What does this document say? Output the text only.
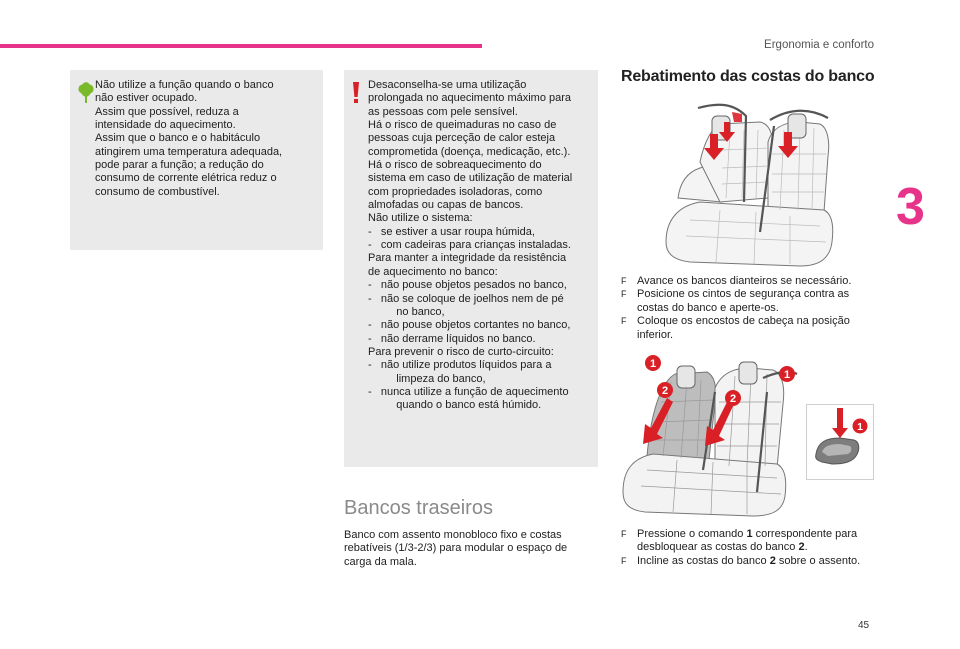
Ergonomia e conforto
3
Não utilize a função quando o banco
não estiver ocupado.
Assim que possível, reduza a
intensidade do aquecimento.
Assim que o banco e o habitáculo
atingirem uma temperatura adequada,
pode parar a função; a redução do
consumo de corrente elétrica reduz o
consumo de combustível.
Desaconselha-se uma utilização
prolongada no aquecimento máximo para
as pessoas com pele sensível.
Há o risco de queimaduras no caso de
pessoas cuja perceção de calor esteja
comprometida (doença, medicação, etc.).
Há o risco de sobreaquecimento do
sistema em caso de utilização de material
com propriedades isoladoras, como
almofadas ou capas de bancos.
Não utilize o sistema:

-   se estiver a usar roupa húmida,
-   com cadeiras para crianças instaladas.
Para manter a integridade da resistência
de aquecimento no banco:

-   não pouse objetos pesados no banco,
-   não se coloque de joelhos nem de pé
no banco,
-   não pouse objetos cortantes no banco,
-   não derrame líquidos no banco.
Para prevenir o risco de curto-circuito:

-   não utilize produtos líquidos para a
limpeza do banco,
-   nunca utilize a função de aquecimento
quando o banco está húmido.
Bancos traseiros
Banco com assento monobloco fixo e costas rebatíveis (1/3-2/3) para modular o espaço de carga da mala.
Rebatimento das costas do banco
F Avance os bancos dianteiros se necessário.
F Posicione os cintos de segurança contra as costas do banco e aperte-os.
F Coloque os encostos de cabeça na posição inferior.
1
2
1
2
1
F Pressione o comando 1 correspondente para desbloquear as costas do banco 2.
F Incline as costas do banco 2 sobre o assento.
45
